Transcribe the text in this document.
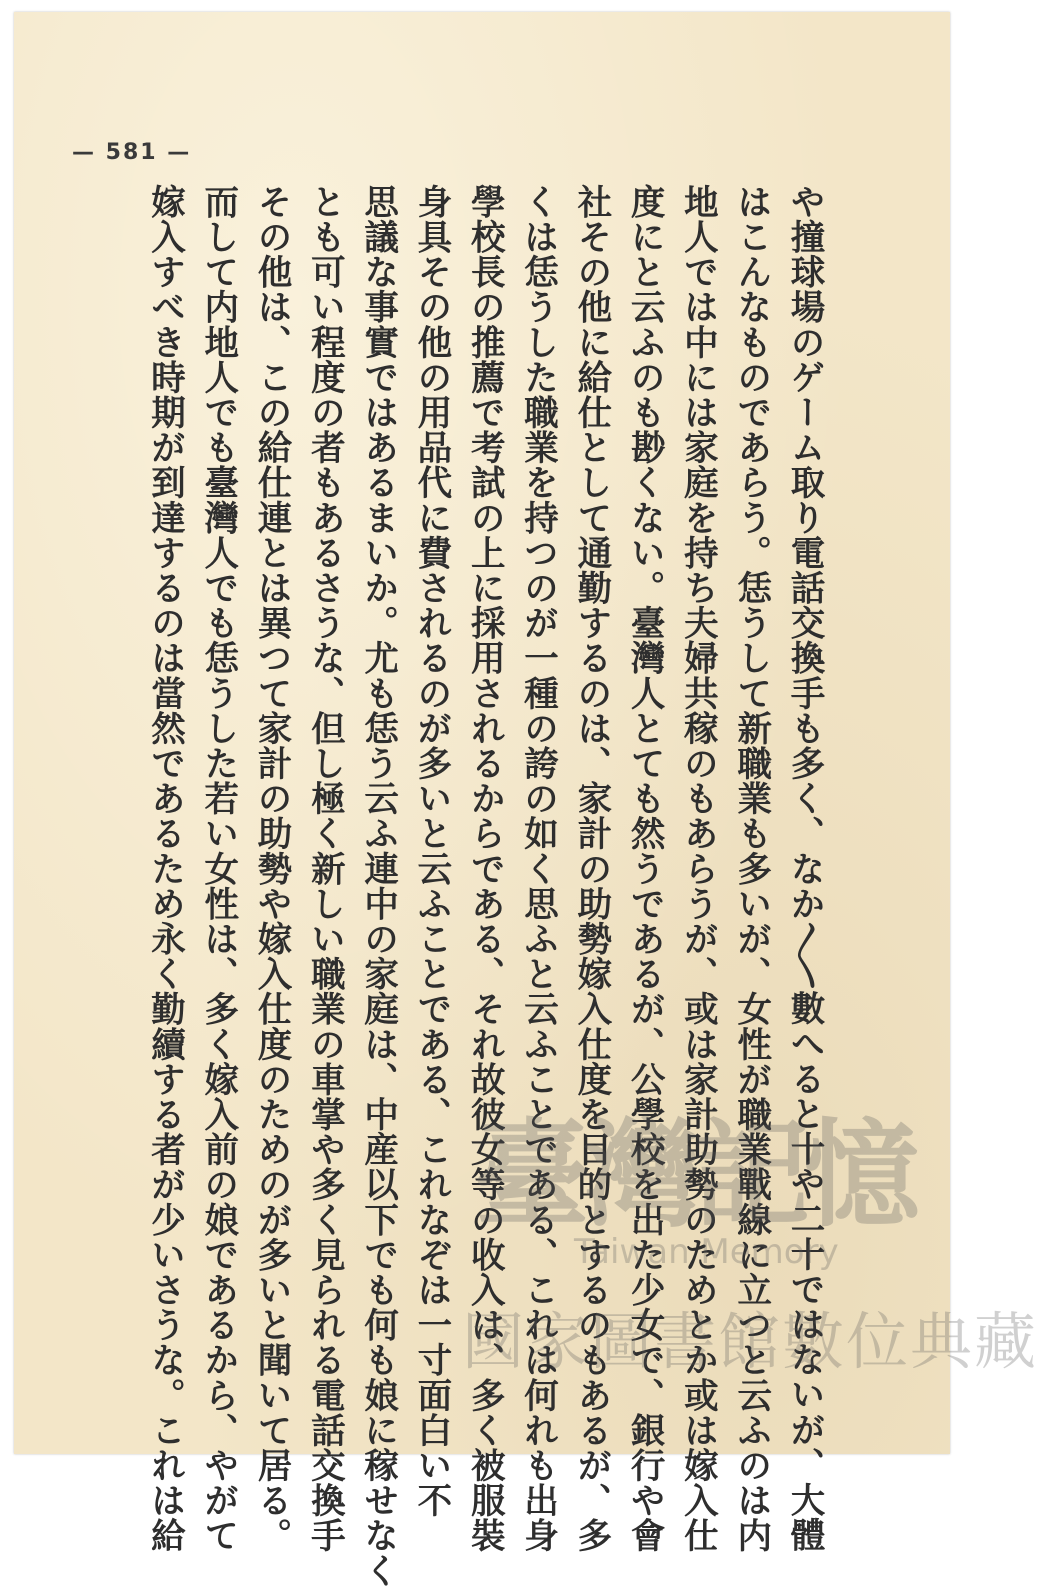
— 581 —
や撞球場のゲーム取り電話交換手も多く、なか〳〵數へると十や二十ではないが、大體
はこんなものであらう。恁うして新職業も多いが、女性が職業戰線に立つと云ふのは内
地人では中には家庭を持ち夫婦共稼のもあらうが、或は家計助勢のためとか或は嫁入仕
度にと云ふのも尠くない。臺灣人とても然うであるが、公學校を出た少女で、銀行や會
社その他に給仕として通勤するのは、家計の助勢嫁入仕度を目的とするのもあるが、多
くは恁うした職業を持つのが一種の誇の如く思ふと云ふことである、これは何れも出身
學校長の推薦で考試の上に採用されるからである、それ故彼女等の收入は、多く被服裝
身具その他の用品代に費されるのが多いと云ふことである、これなぞは一寸面白い不
思議な事實ではあるまいか。尤も恁う云ふ連中の家庭は、中産以下でも何も娘に稼せなく
とも可い程度の者もあるさうな、但し極く新しい職業の車掌や多く見られる電話交換手
その他は、この給仕連とは異つて家計の助勢や嫁入仕度のためのが多いと聞いて居る。
而して内地人でも臺灣人でも恁うした若い女性は、多く嫁入前の娘であるから、やがて
嫁入すべき時期が到達するのは當然であるため永く勤續する者が少いさうな。これは給 臺灣記憶
Taiwan Memory
國家圖書館數位典藏
